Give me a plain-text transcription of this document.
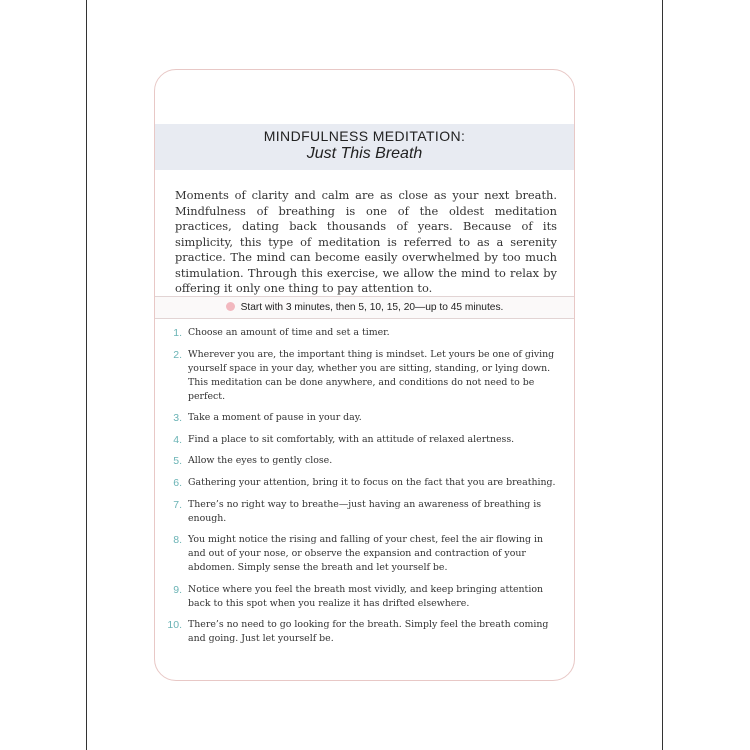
MINDFULNESS MEDITATION:
Just This Breath

Moments of clarity and calm are as close as your next breath. Mindfulness of breathing is one of the oldest meditation practices, dating back thousands of years. Because of its simplicity, this type of meditation is referred to as a serenity practice. The mind can become easily overwhelmed by too much stimulation. Through this exercise, we allow the mind to relax by offering it only one thing to pay attention to.

Start with 3 minutes, then 5, 10, 15, 20—up to 45 minutes.
1. Choose an amount of time and set a timer.
2. Wherever you are, the important thing is mindset. Let yours be one of giving yourself space in your day, whether you are sitting, standing, or lying down. This meditation can be done anywhere, and conditions do not need to be perfect.
3. Take a moment of pause in your day.
4. Find a place to sit comfortably, with an attitude of relaxed alertness.
5. Allow the eyes to gently close.
6. Gathering your attention, bring it to focus on the fact that you are breathing.
7. There’s no right way to breathe—just having an awareness of breathing is enough.
8. You might notice the rising and falling of your chest, feel the air flowing in and out of your nose, or observe the expansion and contraction of your abdomen. Simply sense the breath and let yourself be.
9. Notice where you feel the breath most vividly, and keep bringing attention back to this spot when you realize it has drifted elsewhere.
10. There’s no need to go looking for the breath. Simply feel the breath coming and going. Just let yourself be.
